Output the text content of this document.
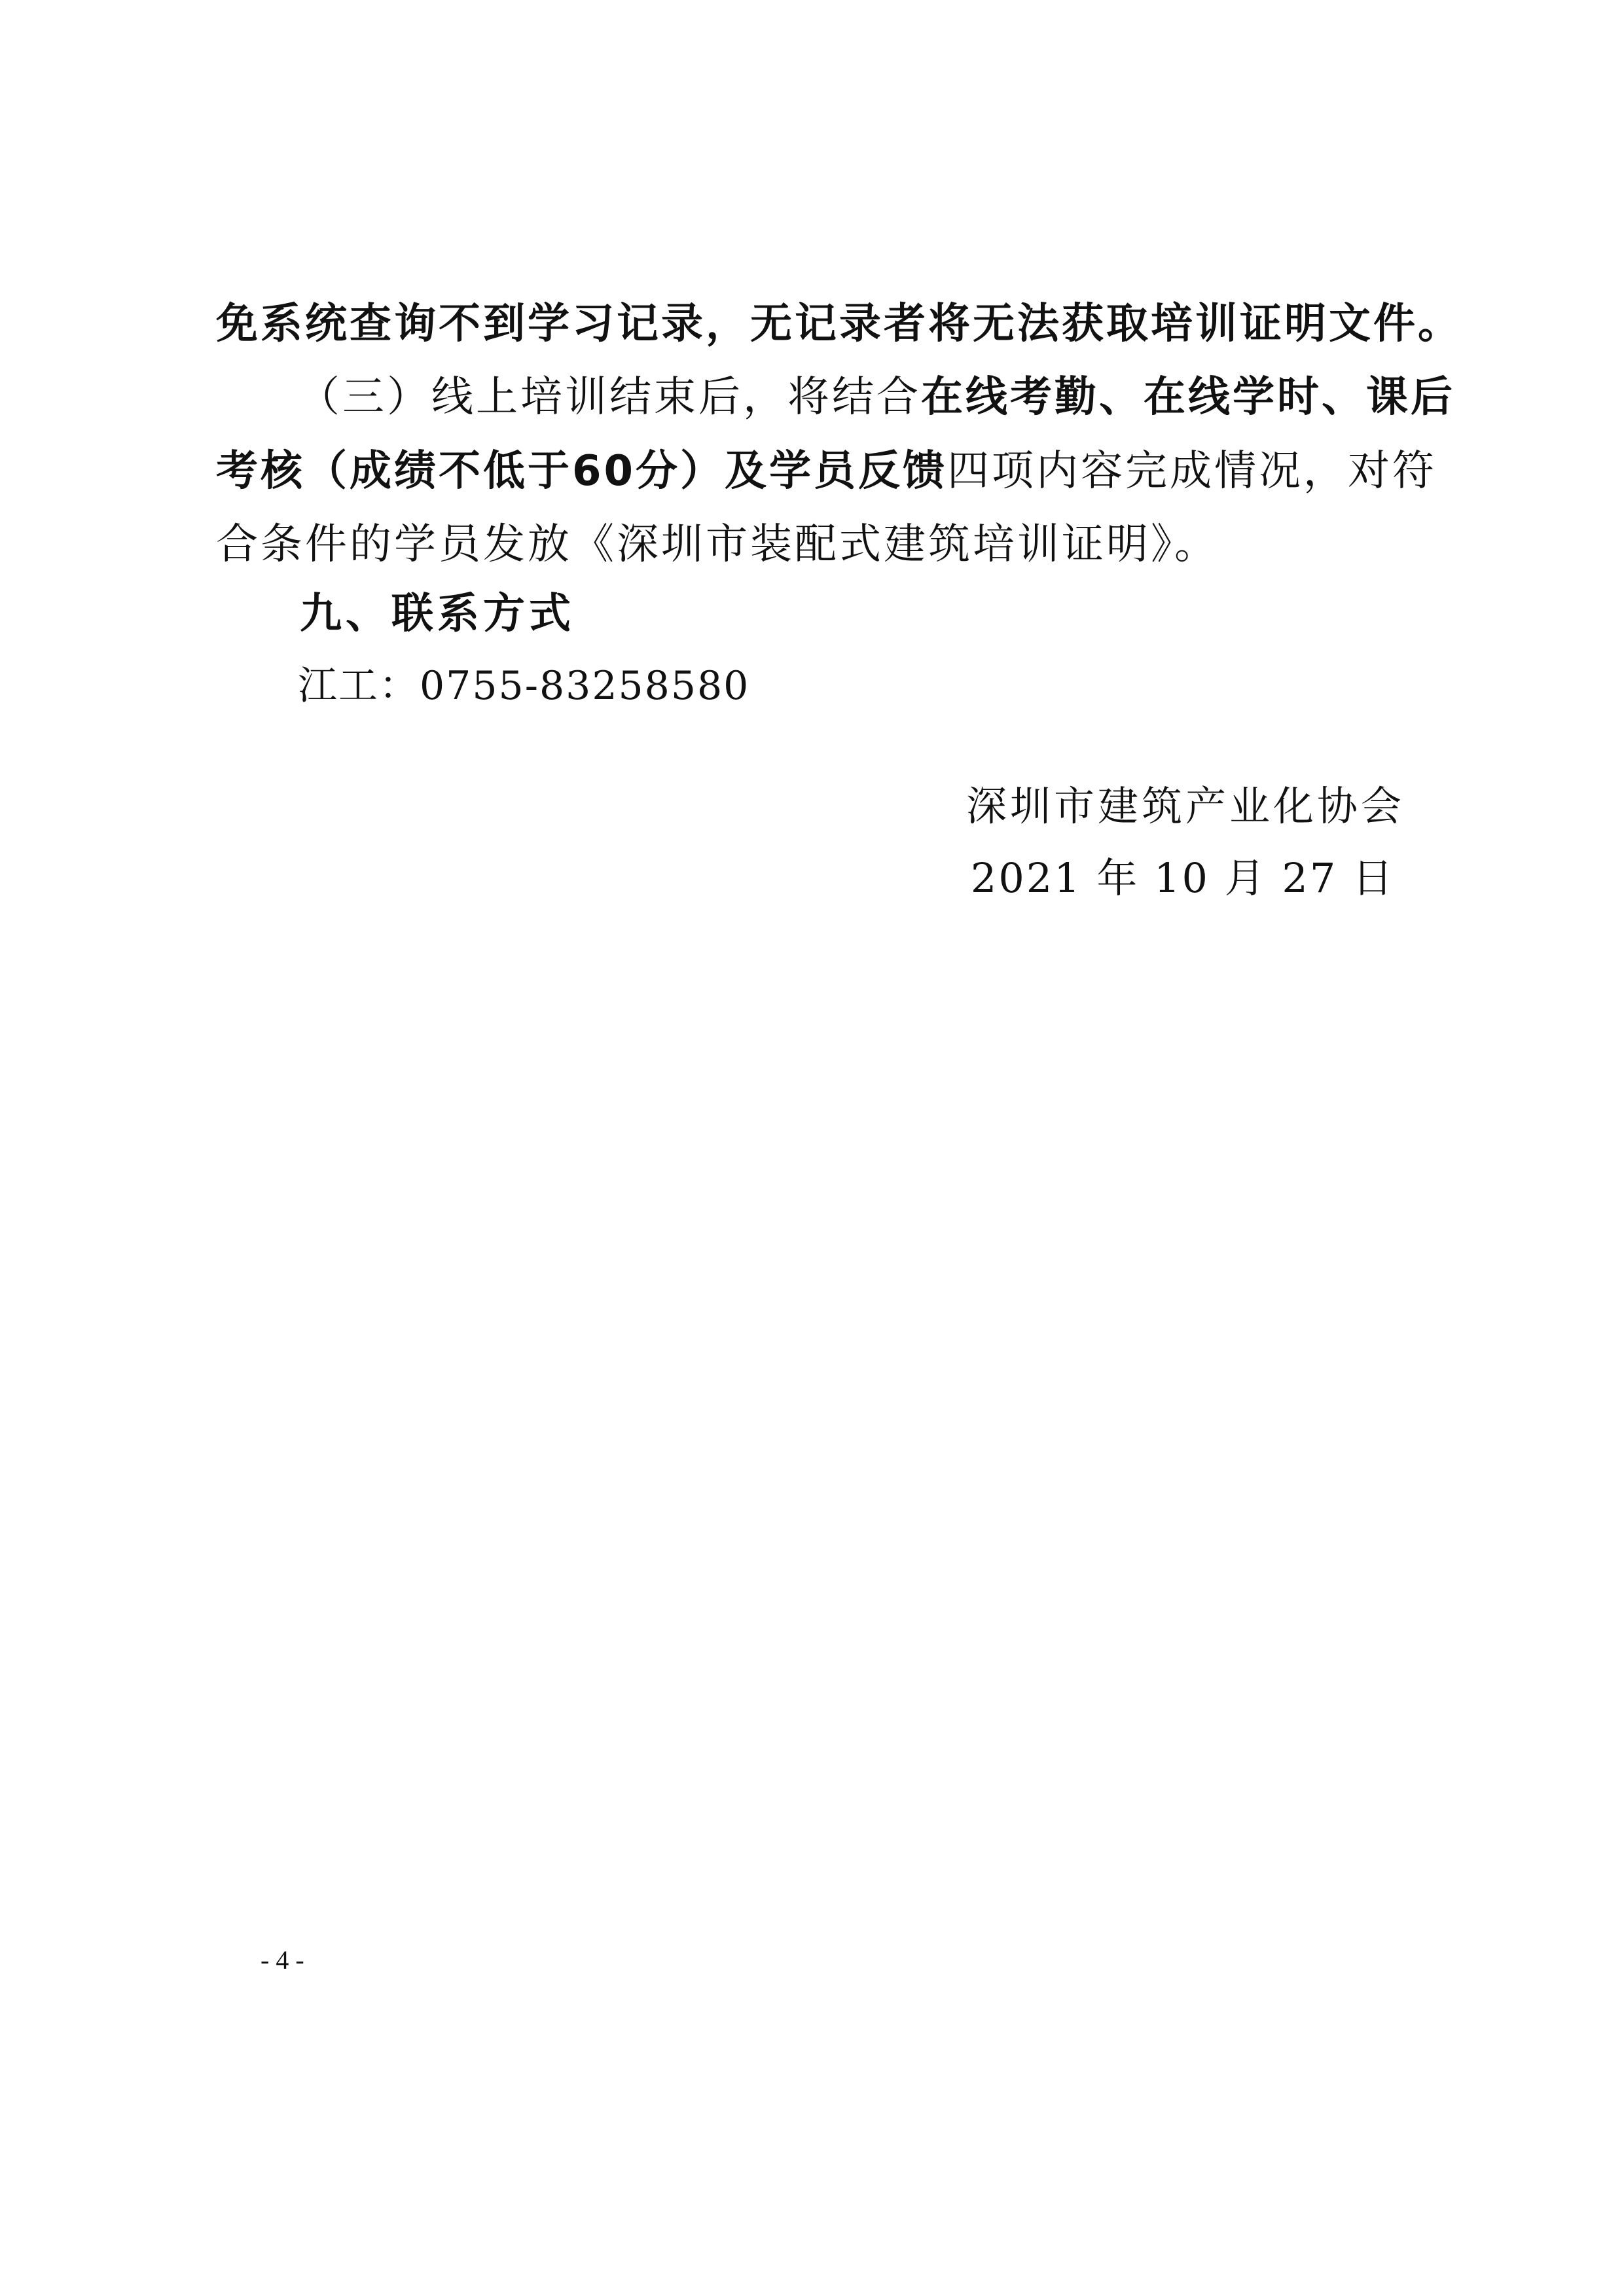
免系统查询不到学习记录，无记录者将无法获取培训证明文件。
（三）线上培训结束后，将结合在线考勤、在线学时、课后
考核（成绩不低于60分）及学员反馈四项内容完成情况，对符
合条件的学员发放《深圳市装配式建筑培训证明》。
九、联系方式
江工：0755-83258580
深圳市建筑产业化协会
2021 年 10 月 27 日
- 4 -
